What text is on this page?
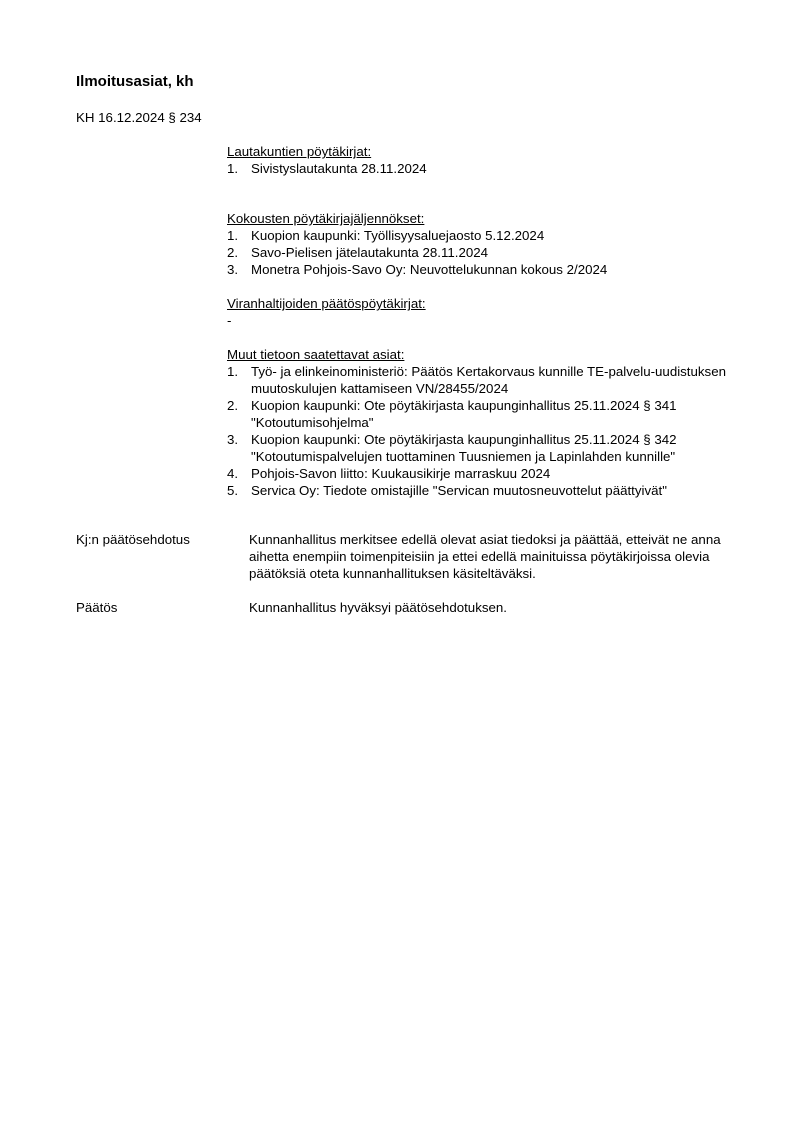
Ilmoitusasiat, kh
KH 16.12.2024 § 234
Lautakuntien pöytäkirjat:
1. Sivistyslautakunta 28.11.2024
Kokousten pöytäkirjajäljennökset:
1. Kuopion kaupunki: Työllisyysaluejaosto 5.12.2024
2. Savo-Pielisen jätelautakunta 28.11.2024
3. Monetra Pohjois-Savo Oy: Neuvottelukunnan kokous 2/2024
Viranhaltijoiden päätöspöytäkirjat:
-
Muut tietoon saatettavat asiat:
1. Työ- ja elinkeinoministeriö: Päätös Kertakorvaus kunnille TE-palvelu-uudistuksen muutoskulujen kattamiseen VN/28455/2024
2. Kuopion kaupunki: Ote pöytäkirjasta kaupunginhallitus 25.11.2024 § 341 "Kotoutumisohjelma"
3. Kuopion kaupunki: Ote pöytäkirjasta kaupunginhallitus 25.11.2024 § 342 "Kotoutumispalvelujen tuottaminen Tuusniemen ja Lapinlahden kunnille"
4. Pohjois-Savon liitto: Kuukausikirje marraskuu 2024
5. Servica Oy: Tiedote omistajille "Servican muutosneuvottelut päättyivät"
Kj:n päätösehdotus	Kunnanhallitus merkitsee edellä olevat asiat tiedoksi ja päättää, etteivät ne anna aihetta enempiin toimenpiteisiin ja ettei edellä mainituissa pöytäkirjoissa olevia päätöksiä oteta kunnanhallituksen käsiteltäväksi.
Päätös	Kunnanhallitus hyväksyi päätösehdotuksen.
